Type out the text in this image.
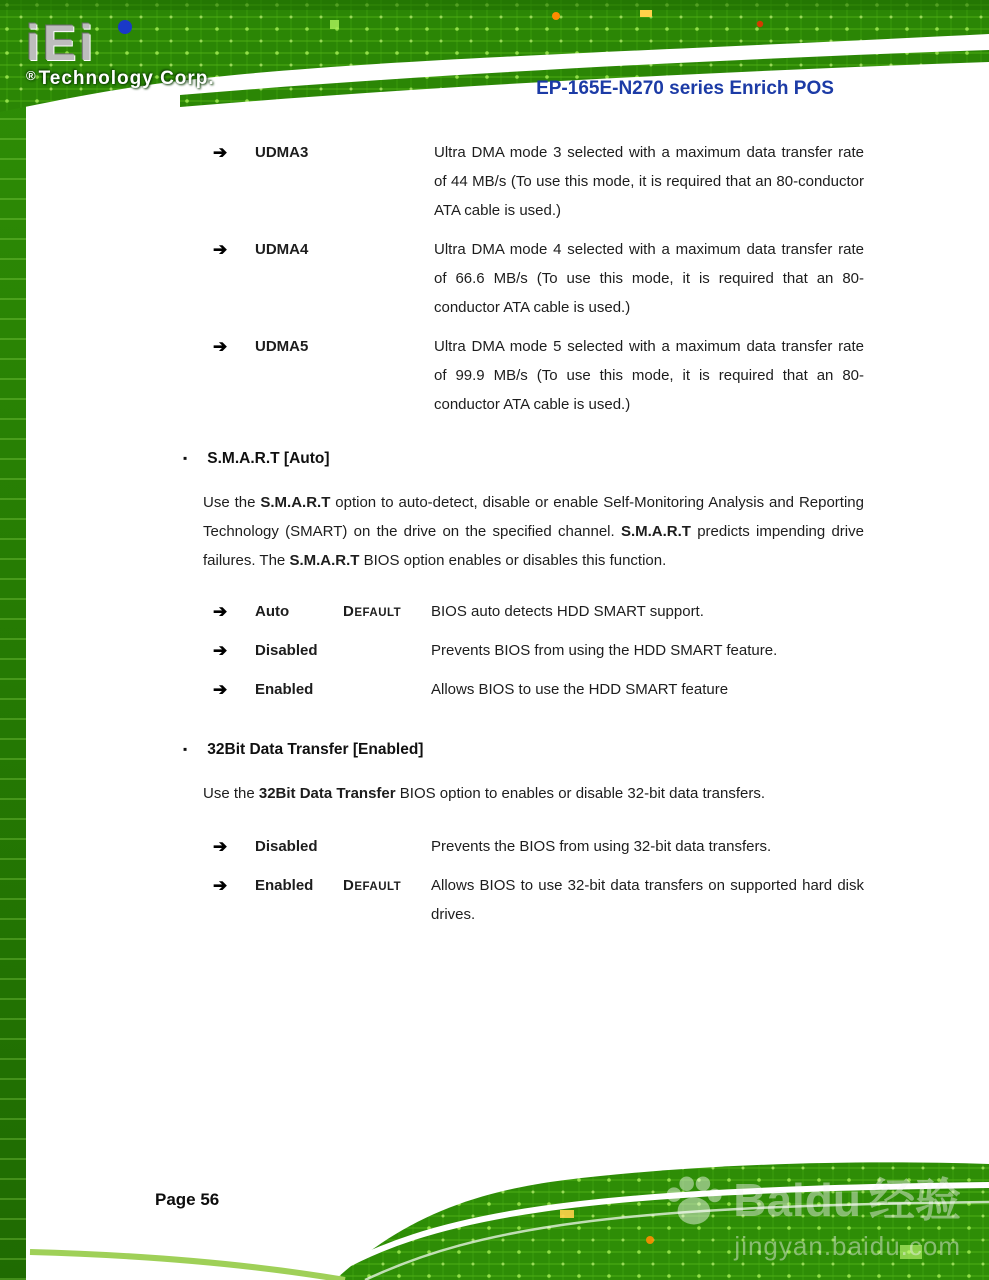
iEi
® Technology Corp.	EP-165E-N270 series Enrich POS
➔	UDMA3	Ultra DMA mode 3 selected with a maximum data transfer rate of 44 MB/s (To use this mode, it is required that an 80-conductor ATA cable is used.)

➔	UDMA4	Ultra DMA mode 4 selected with a maximum data transfer rate of 66.6 MB/s (To use this mode, it is required that an 80-conductor ATA cable is used.)

➔	UDMA5	Ultra DMA mode 5 selected with a maximum data transfer rate of 99.9 MB/s (To use this mode, it is required that an 80-conductor ATA cable is used.)

▪ S.M.A.R.T [Auto]

Use the S.M.A.R.T option to auto-detect, disable or enable Self-Monitoring Analysis and Reporting Technology (SMART) on the drive on the specified channel. S.M.A.R.T predicts impending drive failures. The S.M.A.R.T BIOS option enables or disables this function.

➔	Auto	DEFAULT BIOS auto detects HDD SMART support.

➔	Disabled	Prevents BIOS from using the HDD SMART feature.

➔	Enabled	Allows BIOS to use the HDD SMART feature

▪ 32Bit Data Transfer [Enabled]

Use the 32Bit Data Transfer BIOS option to enables or disable 32-bit data transfers.

➔	Disabled	Prevents the BIOS from using 32-bit data transfers.

➔	Enabled	DEFAULT Allows BIOS to use 32-bit data transfers on supported hard disk drives.

Page 56	Baidu 经验
jingyan.baidu.com
